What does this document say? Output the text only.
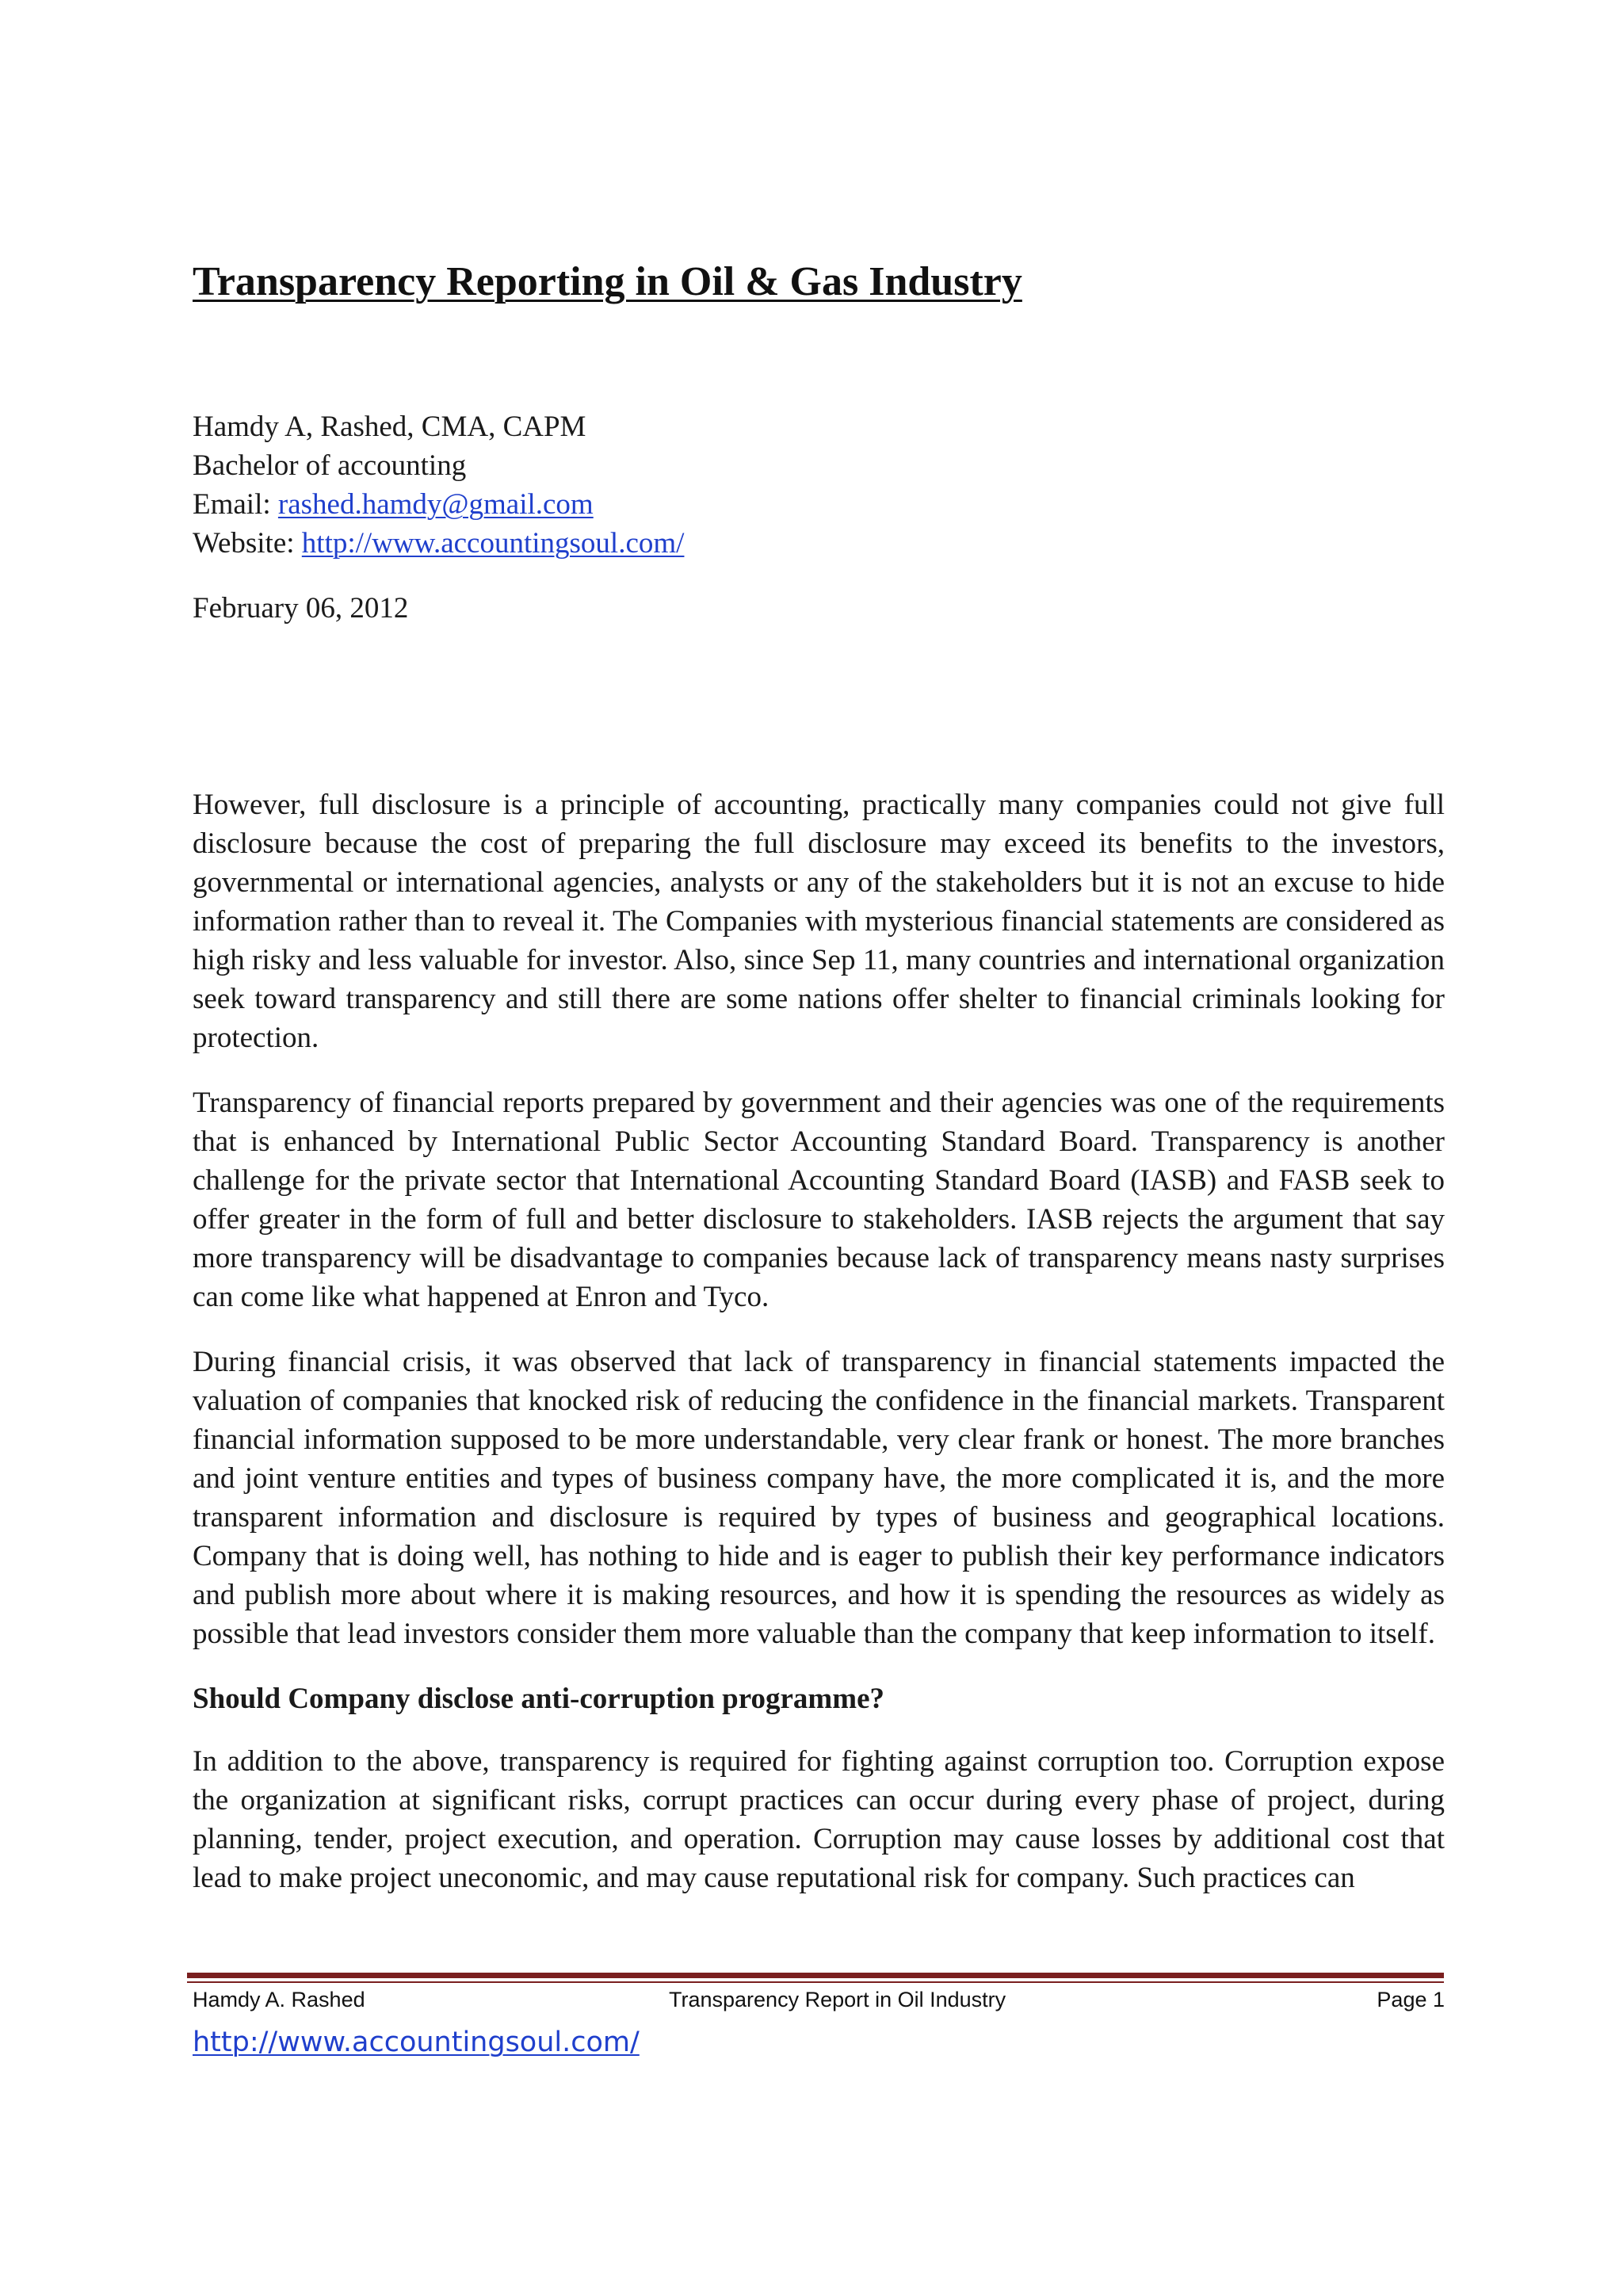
Transparency Reporting in Oil & Gas Industry
Hamdy A, Rashed, CMA, CAPM
Bachelor of accounting
Email: rashed.hamdy@gmail.com
Website: http://www.accountingsoul.com/
February 06, 2012

However, full disclosure is a principle of accounting, practically many companies could not give full disclosure because the cost of preparing the full disclosure may exceed its benefits to the investors, governmental or international agencies, analysts or any of the stakeholders but it is not an excuse to hide information rather than to reveal it. The Companies with mysterious financial statements are considered as high risky and less valuable for investor. Also, since Sep 11, many countries and international organization seek toward transparency and still there are some nations offer shelter to financial criminals looking for protection.

Transparency of financial reports prepared by government and their agencies was one of the requirements that is enhanced by International Public Sector Accounting Standard Board. Transparency is another challenge for the private sector that International Accounting Standard Board (IASB) and FASB seek to offer greater in the form of full and better disclosure to stakeholders. IASB rejects the argument that say more transparency will be disadvantage to companies because lack of transparency means nasty surprises can come like what happened at Enron and Tyco.

During financial crisis, it was observed that lack of transparency in financial statements impacted the valuation of companies that knocked risk of reducing the confidence in the financial markets. Transparent financial information supposed to be more understandable, very clear frank or honest. The more branches and joint venture entities and types of business company have, the more complicated it is, and the more transparent information and disclosure is required by types of business and geographical locations. Company that is doing well, has nothing to hide and is eager to publish their key performance indicators and publish more about where it is making resources, and how it is spending the resources as widely as possible that lead investors consider them more valuable than the company that keep information to itself.

Should Company disclose anti-corruption programme?

In addition to the above, transparency is required for fighting against corruption too. Corruption expose the organization at significant risks, corrupt practices can occur during every phase of project, during planning, tender, project execution, and operation. Corruption may cause losses by additional cost that lead to make project uneconomic, and may cause reputational risk for company. Such practices can

Hamdy A. Rashed	Transparency Report in Oil Industry	Page 1
http://www.accountingsoul.com/
